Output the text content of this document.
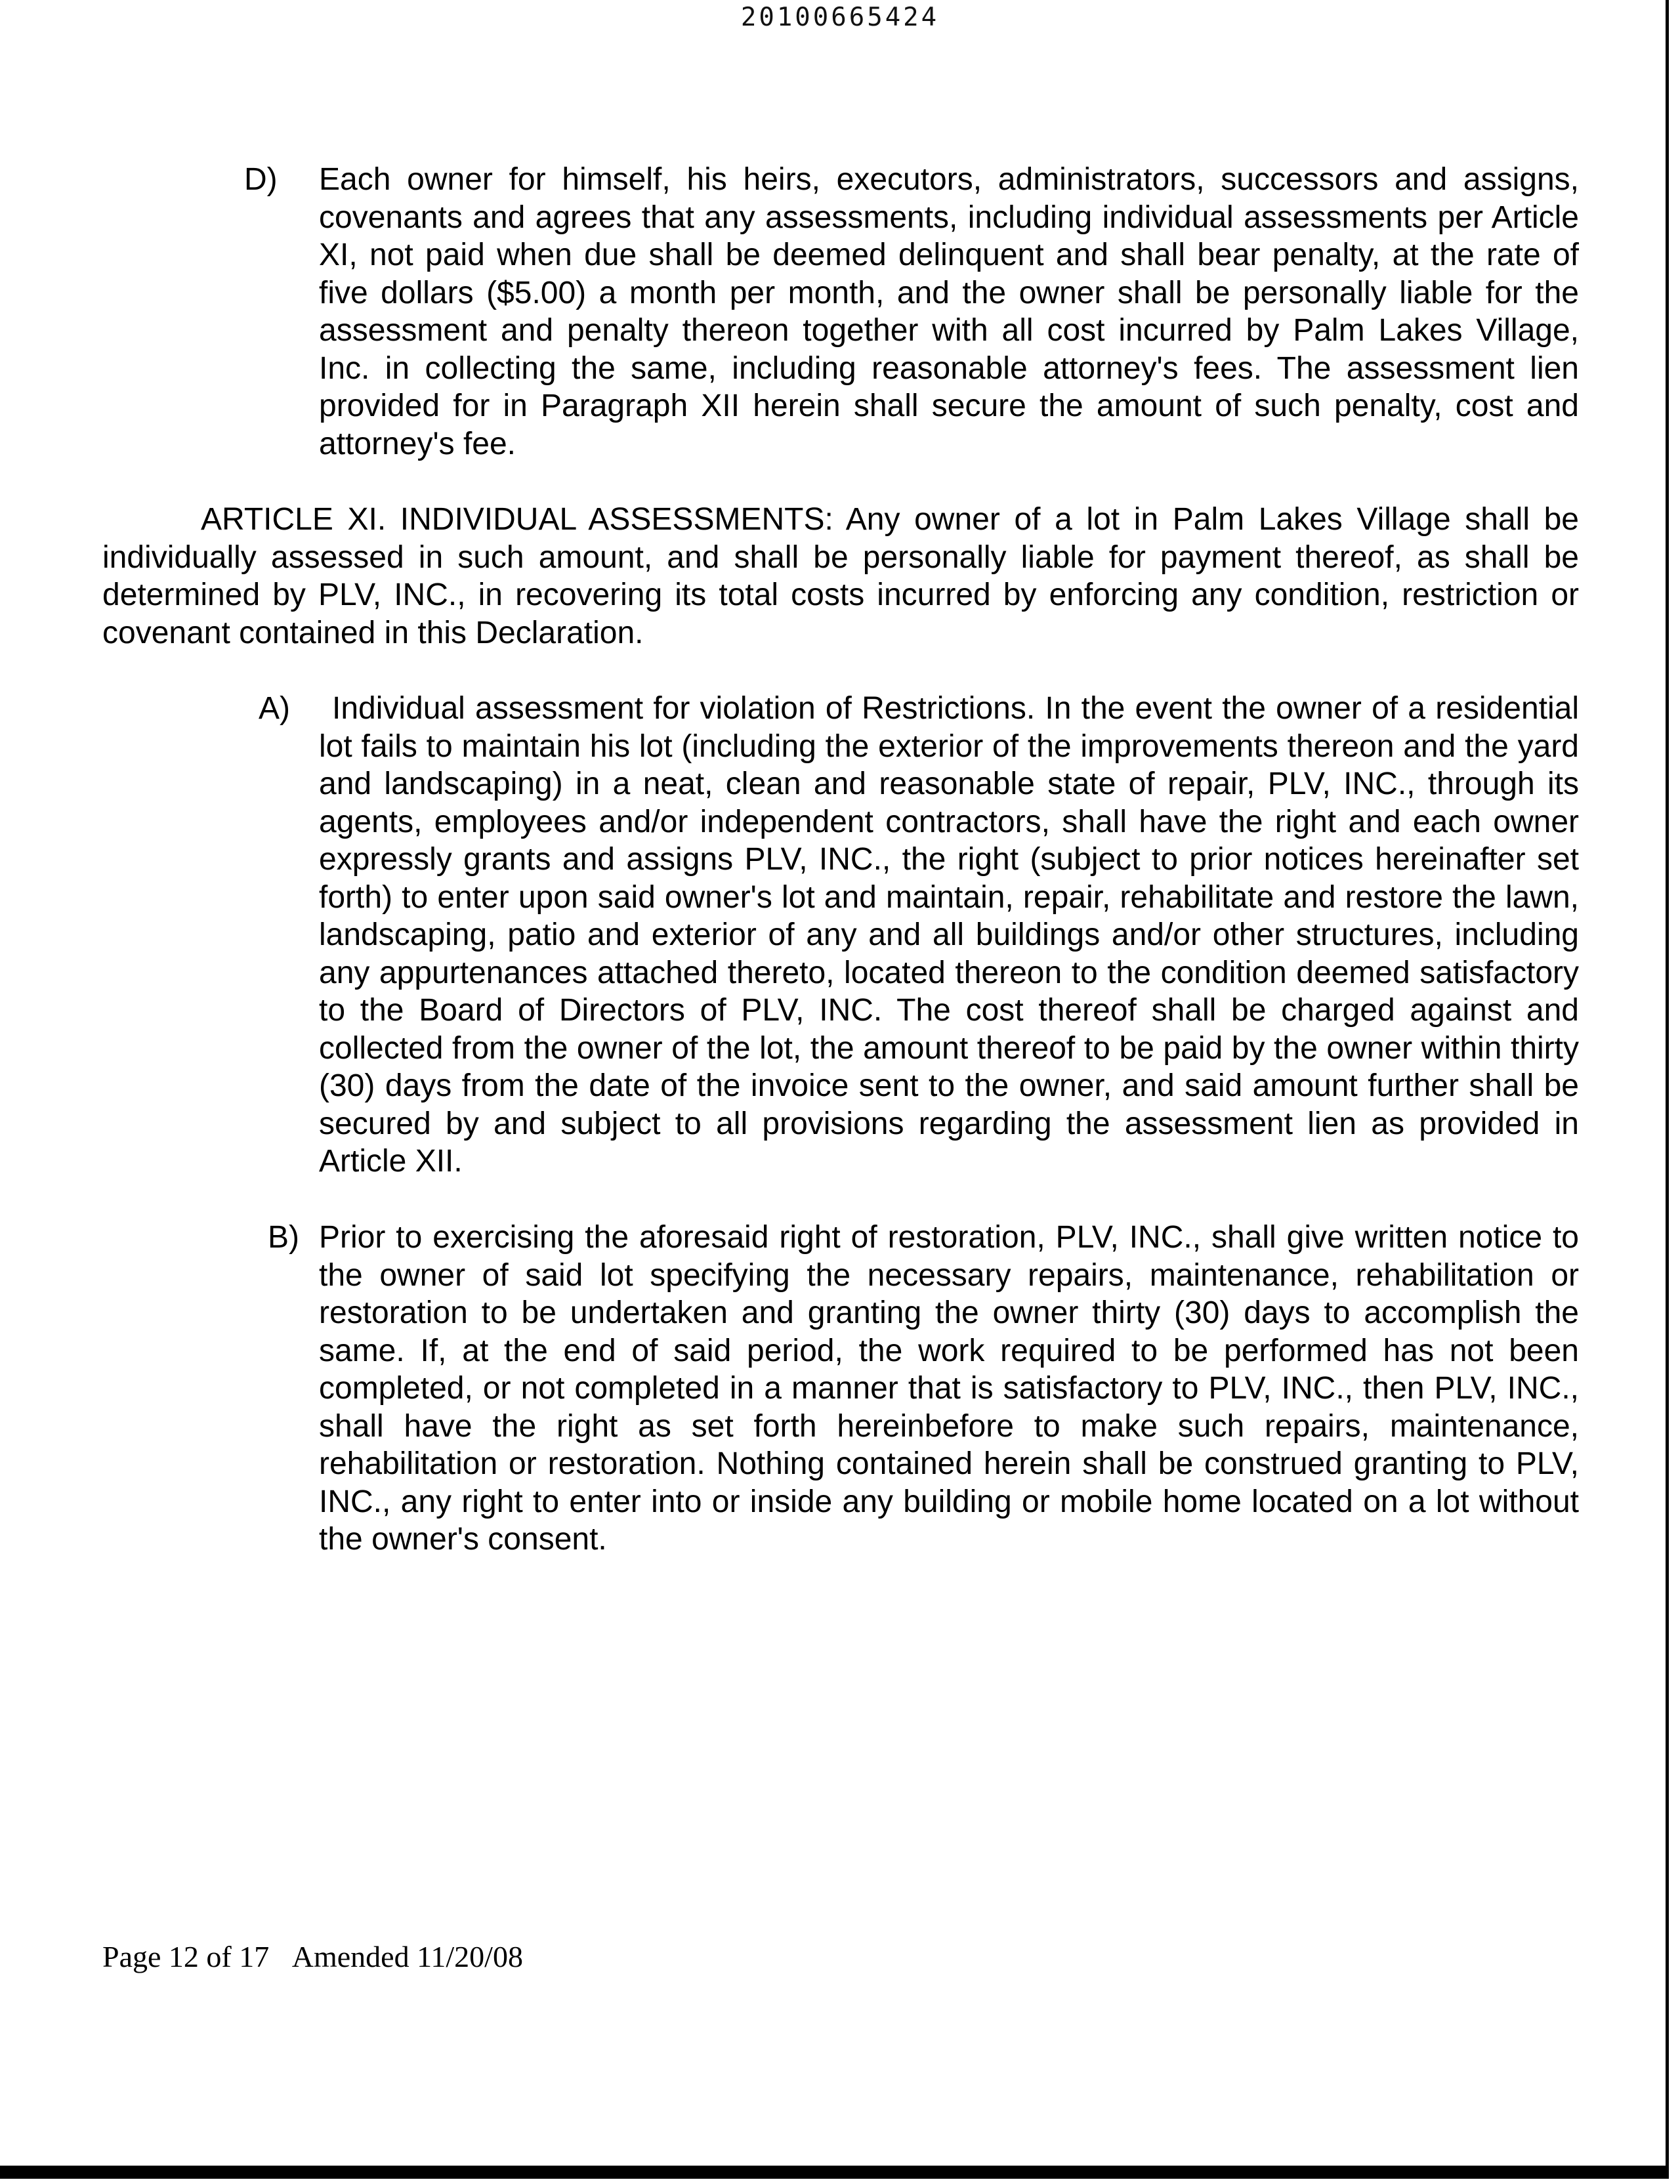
20100665424
D) Each owner for himself, his heirs, executors, administrators, successors and assigns, covenants and agrees that any assessments, including individual assessments per Article XI, not paid when due shall be deemed delinquent and shall bear penalty, at the rate of five dollars ($5.00) a month per month, and the owner shall be personally liable for the assessment and penalty thereon together with all cost incurred by Palm Lakes Village, Inc. in collecting the same, including reasonable attorney's fees. The assessment lien provided for in Paragraph XII herein shall secure the amount of such penalty, cost and attorney's fee.

ARTICLE XI. INDIVIDUAL ASSESSMENTS: Any owner of a lot in Palm Lakes Village shall be individually assessed in such amount, and shall be personally liable for payment thereof, as shall be determined by PLV, INC., in recovering its total costs incurred by enforcing any condition, restriction or covenant contained in this Declaration.

A)	Individual assessment for violation of Restrictions. In the event the owner of a residential lot fails to maintain his lot (including the exterior of the improvements thereon and the yard and landscaping) in a neat, clean and reasonable state of repair, PLV, INC., through its agents, employees and/or independent contractors, shall have the right and each owner expressly grants and assigns PLV, INC., the right (subject to prior notices hereinafter set forth) to enter upon said owner's lot and maintain, repair, rehabilitate and restore the lawn, landscaping, patio and exterior of any and all buildings and/or other structures, including any appurtenances attached thereto, located thereon to the condition deemed satisfactory to the Board of Directors of PLV, INC. The cost thereof shall be charged against and collected from the owner of the lot, the amount thereof to be paid by the owner within thirty (30) days from the date of the invoice sent to the owner, and said amount further shall be secured by and subject to all provisions regarding the assessment lien as provided in Article XII.

B) Prior to exercising the aforesaid right of restoration, PLV, INC., shall give written notice to the owner of said lot specifying the necessary repairs, maintenance, rehabilitation or restoration to be undertaken and granting the owner thirty (30) days to accomplish the same. If, at the end of said period, the work required to be performed has not been completed, or not completed in a manner that is satisfactory to PLV, INC., then PLV, INC., shall have the right as set forth hereinbefore to make such repairs, maintenance, rehabilitation or restoration. Nothing contained herein shall be construed granting to PLV, INC., any right to enter into or inside any building or mobile home located on a lot without the owner's consent.

Page 12 of 17 Amended 11/20/08
